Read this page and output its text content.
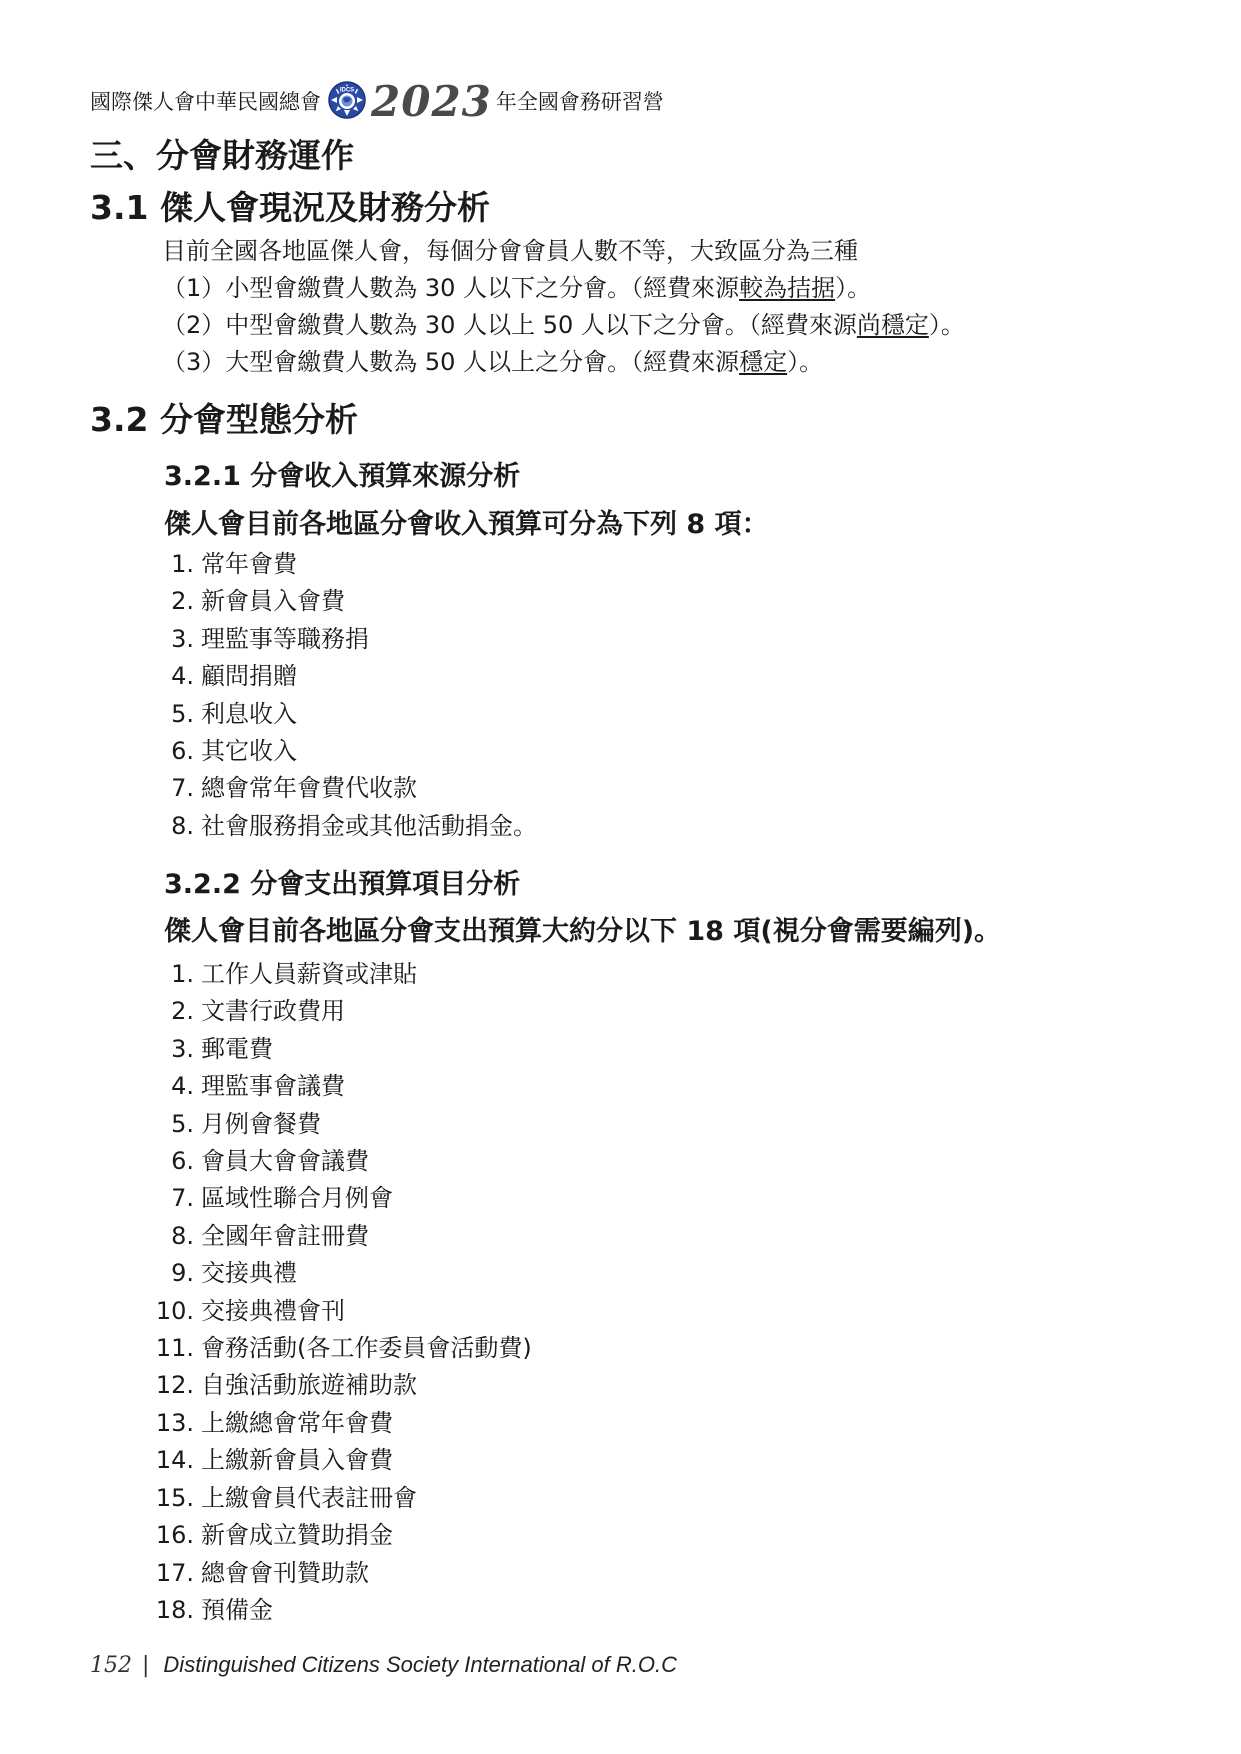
國際傑人會中華民國總會	IDCS 2023 年全國會務研習營
三、分會財務運作
3.1 傑人會現況及財務分析
目前全國各地區傑人會，每個分會會員人數不等，大致區分為三種
（1）小型會繳費人數為 30 人以下之分會。（經費來源較為拮据）。
（2）中型會繳費人數為 30 人以上 50 人以下之分會。（經費來源尚穩定）。
（3）大型會繳費人數為 50 人以上之分會。（經費來源穩定）。
3.2 分會型態分析
3.2.1 分會收入預算來源分析
傑人會目前各地區分會收入預算可分為下列 8 項：
1. 常年會費
2. 新會員入會費
3. 理監事等職務捐
4. 顧問捐贈
5. 利息收入
6. 其它收入
7. 總會常年會費代收款
8. 社會服務捐金或其他活動捐金。
3.2.2 分會支出預算項目分析
傑人會目前各地區分會支出預算大約分以下 18 項(視分會需要編列)。
1. 工作人員薪資或津貼
2. 文書行政費用
3. 郵電費
4. 理監事會議費
5. 月例會餐費
6. 會員大會會議費
7. 區域性聯合月例會
8. 全國年會註冊費
9. 交接典禮
10. 交接典禮會刊
11. 會務活動(各工作委員會活動費)
12. 自強活動旅遊補助款
13. 上繳總會常年會費
14. 上繳新會員入會費
15. 上繳會員代表註冊會
16. 新會成立贊助捐金
17. 總會會刊贊助款
18. 預備金
152 | Distinguished Citizens Society International of R.O.C
